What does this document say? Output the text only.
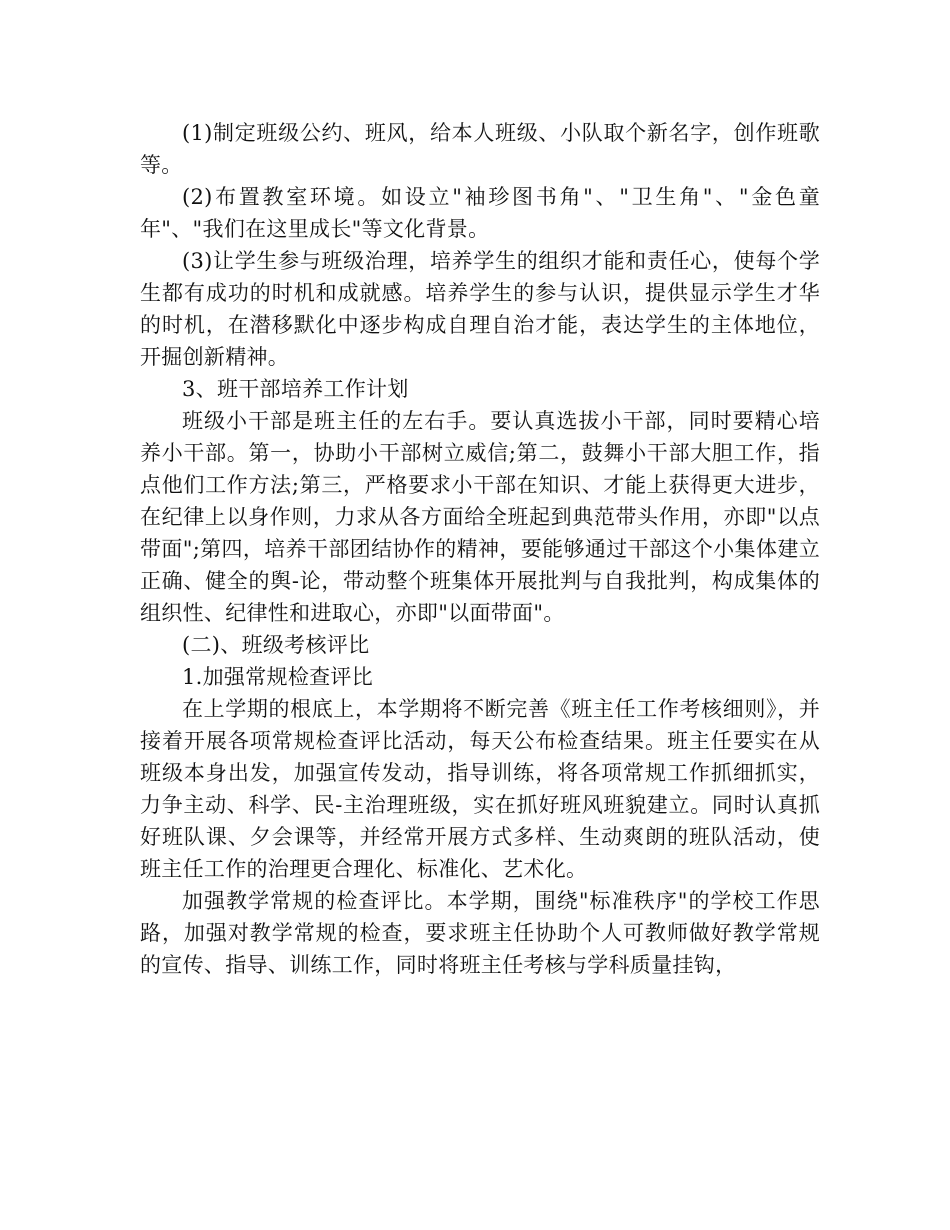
(1)制定班级公约、班风，给本人班级、小队取个新名字，创作班歌等。

(2)布置教室环境。如设立"袖珍图书角"、"卫生角"、"金色童年"、"我们在这里成长"等文化背景。

(3)让学生参与班级治理，培养学生的组织才能和责任心，使每个学生都有成功的时机和成就感。培养学生的参与认识，提供显示学生才华的时机，在潜移默化中逐步构成自理自治才能，表达学生的主体地位，开掘创新精神。

3、班干部培养工作计划

班级小干部是班主任的左右手。要认真选拔小干部，同时要精心培养小干部。第一，协助小干部树立威信;第二，鼓舞小干部大胆工作，指点他们工作方法;第三，严格要求小干部在知识、才能上获得更大进步，在纪律上以身作则，力求从各方面给全班起到典范带头作用，亦即"以点带面";第四，培养干部团结协作的精神，要能够通过干部这个小集体建立正确、健全的舆-论，带动整个班集体开展批判与自我批判，构成集体的组织性、纪律性和进取心，亦即"以面带面"。

(二)、班级考核评比

1.加强常规检查评比

在上学期的根底上，本学期将不断完善《班主任工作考核细则》，并接着开展各项常规检查评比活动，每天公布检查结果。班主任要实在从班级本身出发，加强宣传发动，指导训练，将各项常规工作抓细抓实，力争主动、科学、民-主治理班级，实在抓好班风班貌建立。同时认真抓好班队课、夕会课等，并经常开展方式多样、生动爽朗的班队活动，使班主任工作的治理更合理化、标准化、艺术化。

加强教学常规的检查评比。本学期，围绕"标准秩序"的学校工作思路，加强对教学常规的检查，要求班主任协助个人可教师做好教学常规的宣传、指导、训练工作，同时将班主任考核与学科质量挂钩，
